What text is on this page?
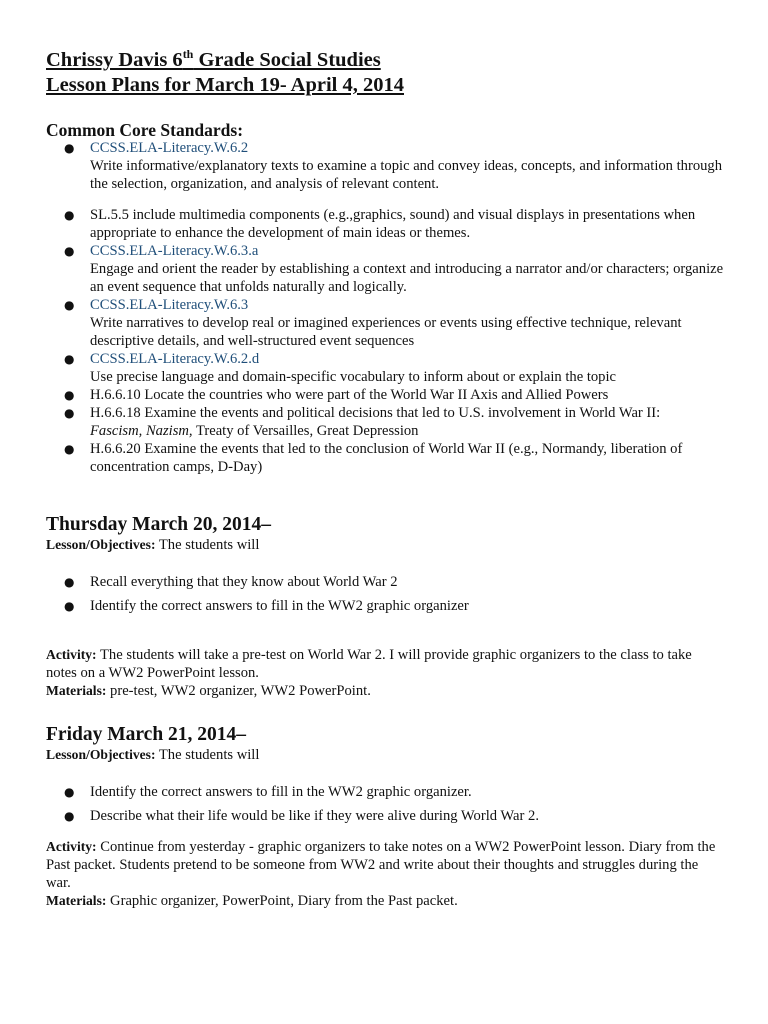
Chrissy Davis 6th Grade Social Studies
Lesson Plans for March 19- April 4, 2014
Common Core Standards:
● CCSS.ELA-Literacy.W.6.2
Write informative/explanatory texts to examine a topic and convey ideas, concepts, and information through the selection, organization, and analysis of relevant content.
● SL.5.5 include multimedia components (e.g.,graphics, sound) and visual displays in presentations when appropriate to enhance the development of main ideas or themes.
● CCSS.ELA-Literacy.W.6.3.a
Engage and orient the reader by establishing a context and introducing a narrator and/or characters; organize an event sequence that unfolds naturally and logically.
● CCSS.ELA-Literacy.W.6.3
Write narratives to develop real or imagined experiences or events using effective technique, relevant descriptive details, and well-structured event sequences
● CCSS.ELA-Literacy.W.6.2.d
Use precise language and domain-specific vocabulary to inform about or explain the topic
● H.6.6.10 Locate the countries who were part of the World War II Axis and Allied Powers
● H.6.6.18 Examine the events and political decisions that led to U.S. involvement in World War II:
Fascism, Nazism, Treaty of Versailles, Great Depression
● H.6.6.20 Examine the events that led to the conclusion of World War II (e.g., Normandy, liberation of concentration camps, D-Day)
Thursday March 20, 2014–
Lesson/Objectives: The students will
● Recall everything that they know about World War 2
● Identify the correct answers to fill in the WW2 graphic organizer
Activity: The students will take a pre-test on World War 2. I will provide graphic organizers to the class to take notes on a WW2 PowerPoint lesson.
Materials: pre-test, WW2 organizer, WW2 PowerPoint.
Friday March 21, 2014–
Lesson/Objectives: The students will
● Identify the correct answers to fill in the WW2 graphic organizer.
● Describe what their life would be like if they were alive during World War 2.
Activity: Continue from yesterday - graphic organizers to take notes on a WW2 PowerPoint lesson. Diary from the Past packet. Students pretend to be someone from WW2 and write about their thoughts and struggles during the war.
Materials: Graphic organizer, PowerPoint, Diary from the Past packet.
